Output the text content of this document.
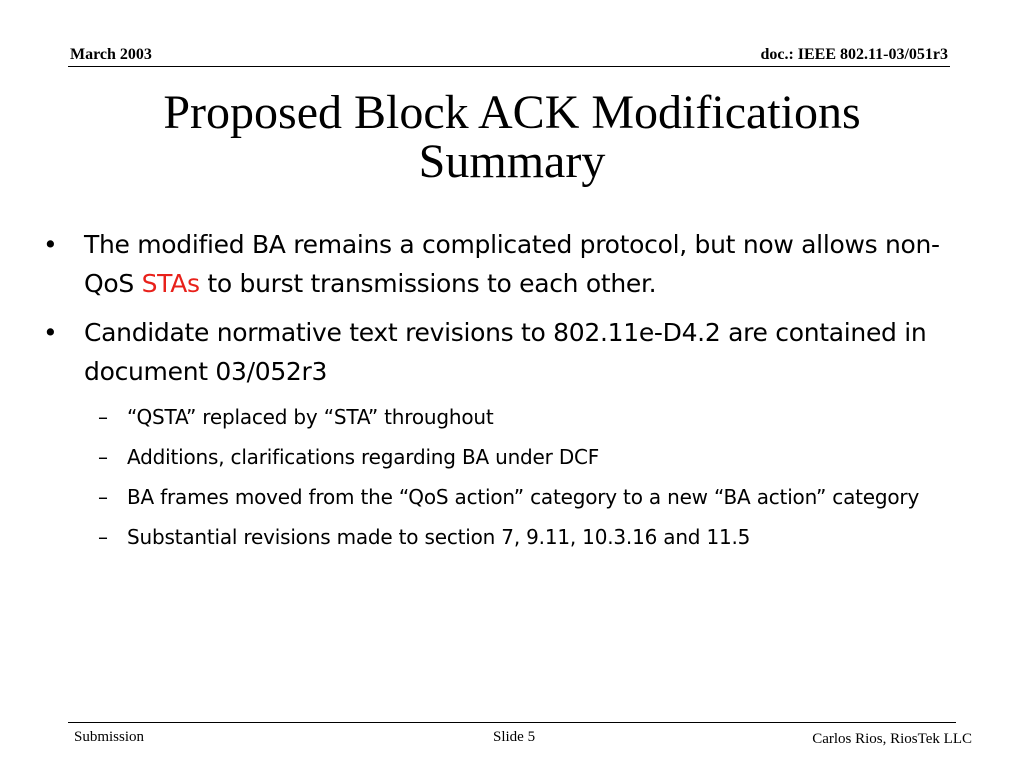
March 2003	doc.: IEEE 802.11-03/051r3
Proposed Block ACK Modifications
Summary
• The modified BA remains a complicated protocol, but now allows non-QoS STAs to burst transmissions to each other.
• Candidate normative text revisions to 802.11e-D4.2 are contained in document 03/052r3
– “QSTA” replaced by “STA” throughout
– Additions, clarifications regarding BA under DCF
– BA frames moved from the “QoS action” category to a new “BA action” category
– Substantial revisions made to section 7, 9.11, 10.3.16 and 11.5
Submission	Slide 5	Carlos Rios, RiosTek LLC
